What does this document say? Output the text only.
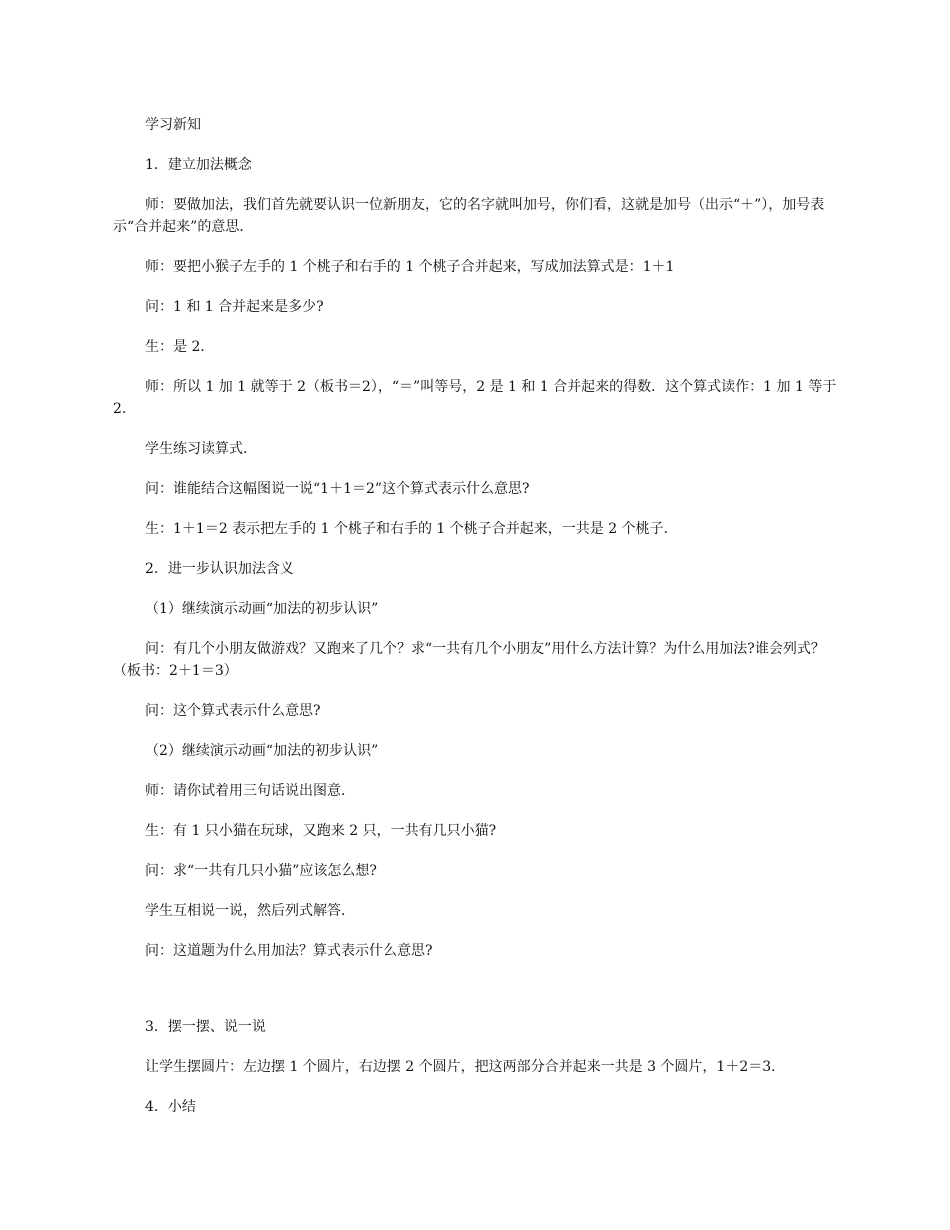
学习新知

1．建立加法概念

师：要做加法，我们首先就要认识一位新朋友，它的名字就叫加号，你们看，这就是加号（出示“＋”），加号表示“合并起来”的意思．

师：要把小猴子左手的 1 个桃子和右手的 1 个桃子合并起来，写成加法算式是：1＋1

问：1 和 1 合并起来是多少?

生：是 2．

师：所以 1 加 1 就等于 2（板书＝2），“＝”叫等号，2 是 1 和 1 合并起来的得数．这个算式读作：1 加 1 等于 2．

学生练习读算式．

问：谁能结合这幅图说一说“1＋1＝2”这个算式表示什么意思?

生：1＋1＝2 表示把左手的 1 个桃子和右手的 1 个桃子合并起来，一共是 2 个桃子．

2．进一步认识加法含义

（1）继续演示动画“加法的初步认识”

问：有几个小朋友做游戏？又跑来了几个？求“一共有几个小朋友”用什么方法计算？为什么用加法?谁会列式？（板书：2＋1＝3）

问：这个算式表示什么意思?

（2）继续演示动画“加法的初步认识”

师：请你试着用三句话说出图意．

生：有 1 只小猫在玩球，又跑来 2 只，一共有几只小猫?

问：求“一共有几只小猫”应该怎么想?

学生互相说一说，然后列式解答．

问：这道题为什么用加法？算式表示什么意思?

3．摆一摆、说一说

让学生摆圆片：左边摆 1 个圆片，右边摆 2 个圆片，把这两部分合并起来一共是 3 个圆片，1＋2＝3．

4．小结
